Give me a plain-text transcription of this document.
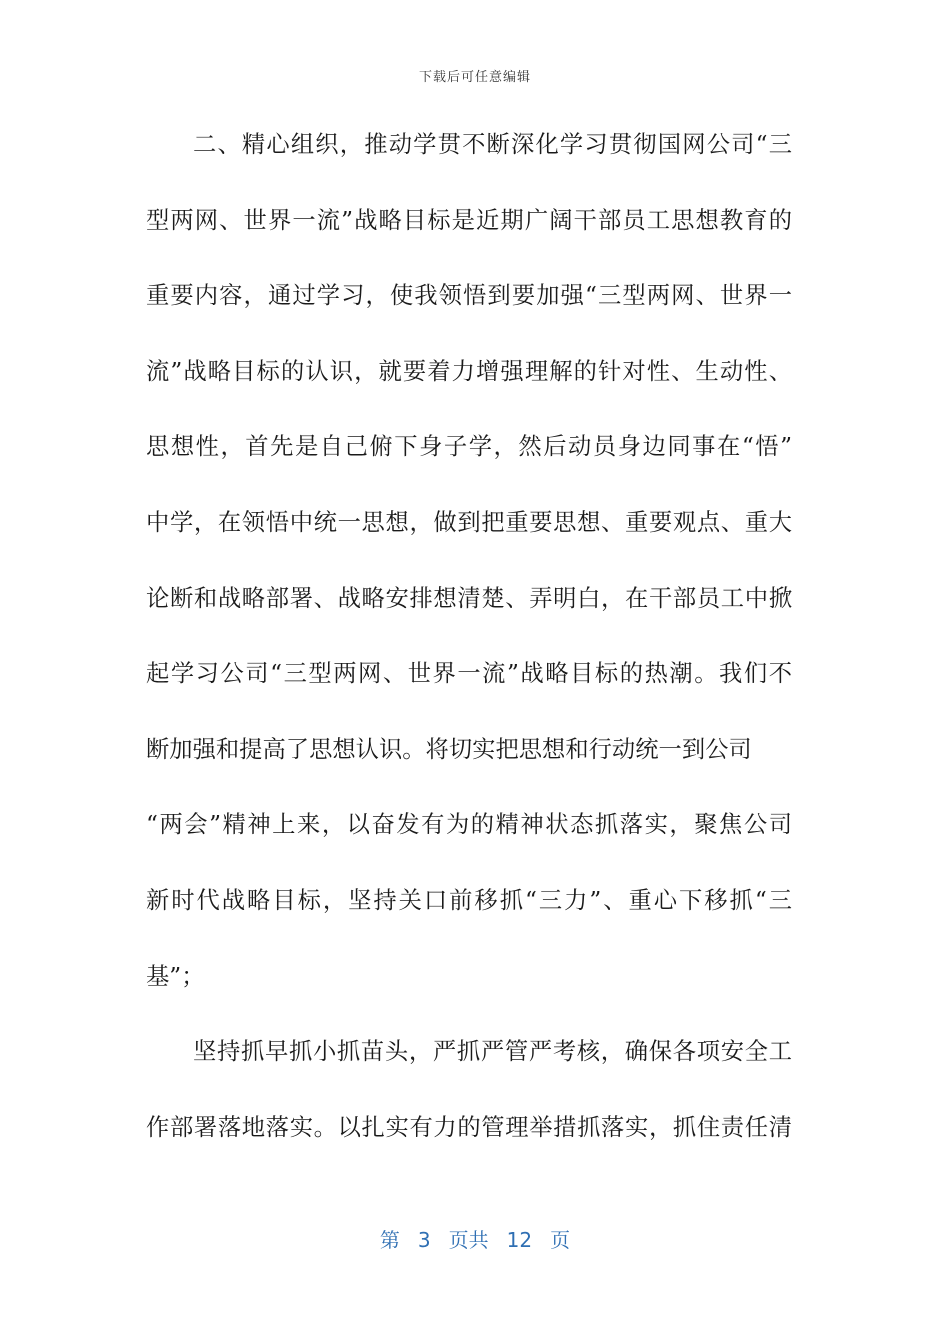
下载后可任意编辑
二、精心组织，推动学贯不断深化学习贯彻国网公司“三
型两网、世界一流”战略目标是近期广阔干部员工思想教育的
重要内容，通过学习，使我领悟到要加强“三型两网、世界一
流”战略目标的认识，就要着力增强理解的针对性、生动性、
思想性，首先是自己俯下身子学，然后动员身边同事在“悟”
中学，在领悟中统一思想，做到把重要思想、重要观点、重大
论断和战略部署、战略安排想清楚、弄明白，在干部员工中掀
起学习公司“三型两网、世界一流”战略目标的热潮。我们不
断加强和提高了思想认识。将切实把思想和行动统一到公司
“两会”精神上来，以奋发有为的精神状态抓落实，聚焦公司
新时代战略目标，坚持关口前移抓“三力”、重心下移抓“三
基”；
坚持抓早抓小抓苗头，严抓严管严考核，确保各项安全工
作部署落地落实。以扎实有力的管理举措抓落实，抓住责任清
第 3 页共 12 页
